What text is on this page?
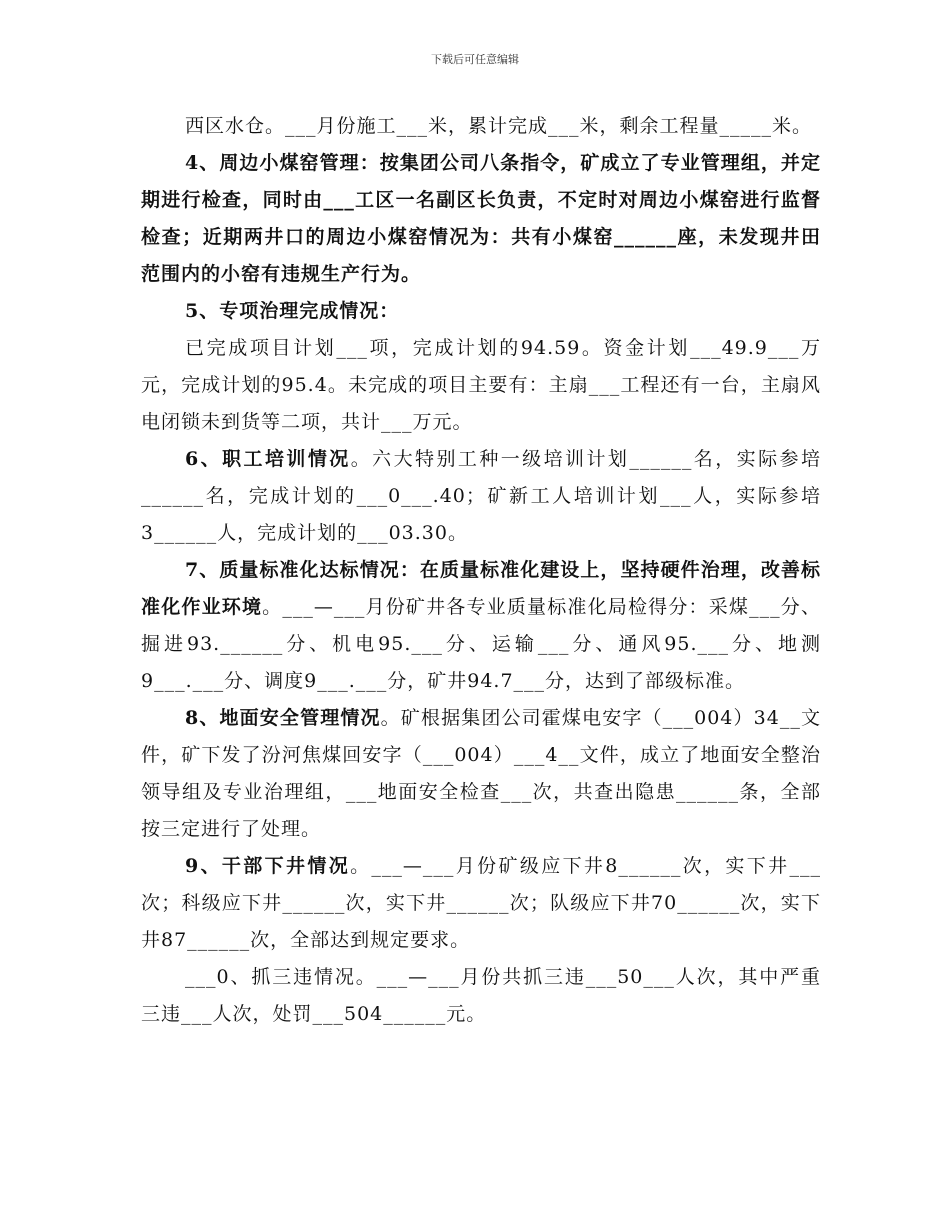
下载后可任意编辑

西区水仓。___月份施工___米，累计完成___米，剩余工程量_____米。

4、周边小煤窑管理：按集团公司八条指令，矿成立了专业管理组，并定期进行检查，同时由___工区一名副区长负责，不定时对周边小煤窑进行监督检查；近期两井口的周边小煤窑情况为：共有小煤窑______座，未发现井田范围内的小窑有违规生产行为。

5、专项治理完成情况：

已完成项目计划___项，完成计划的94.59。资金计划___49.9___万元，完成计划的95.4。未完成的项目主要有：主扇___工程还有一台，主扇风电闭锁未到货等二项，共计___万元。

6、职工培训情况。六大特别工种一级培训计划______名，实际参培______名，完成计划的___0___.40；矿新工人培训计划___人，实际参培3______人，完成计划的___03.30。

7、质量标准化达标情况：在质量标准化建设上，坚持硬件治理，改善标准化作业环境。___—___月份矿井各专业质量标准化局检得分：采煤___分、掘进93.______分、机电95.___分、运输___分、通风95.___分、地测9___.___分、调度9___.___分，矿井94.7___分，达到了部级标准。

8、地面安全管理情况。矿根据集团公司霍煤电安字（___004）34__文件，矿下发了汾河焦煤回安字（___004）___4__文件，成立了地面安全整治领导组及专业治理组，___地面安全检查___次，共查出隐患______条，全部按三定进行了处理。

9、干部下井情况。___—___月份矿级应下井8______次，实下井___次；科级应下井______次，实下井______次；队级应下井70______次，实下井87______次，全部达到规定要求。

___0、抓三违情况。___—___月份共抓三违___50___人次，其中严重三违___人次，处罚___504______元。
